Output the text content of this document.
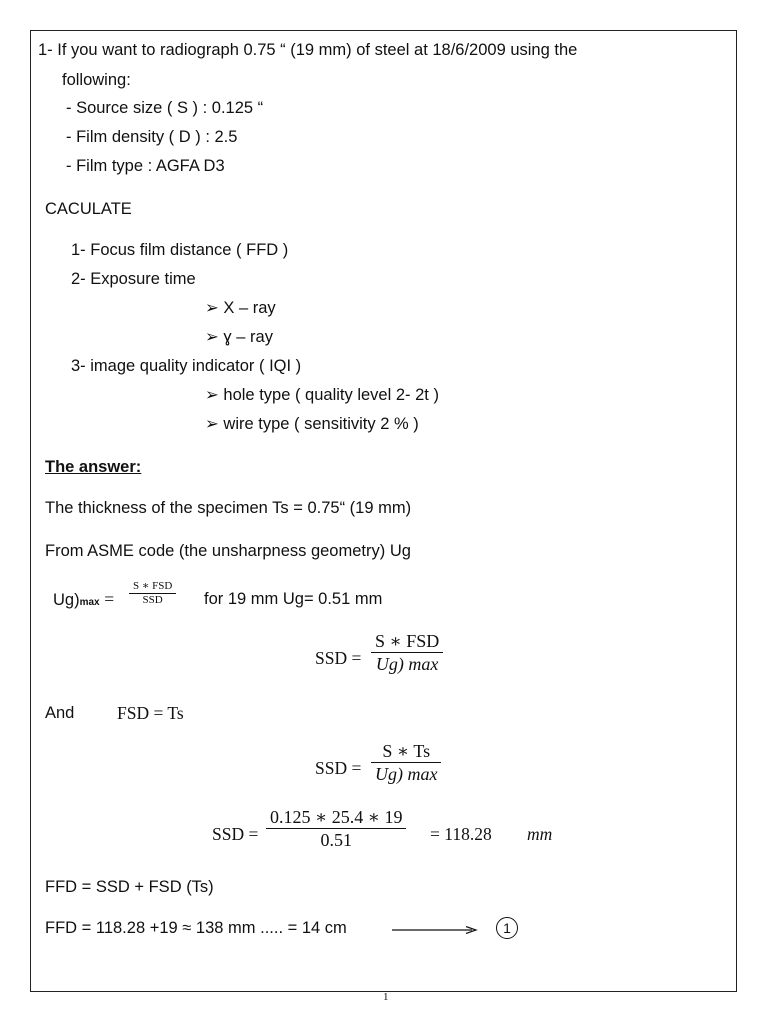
1- If you want to radiograph 0.75 “ (19 mm) of steel at 18/6/2009 using the
following:
- Source size ( S ) : 0.125 “
- Film density ( D ) : 2.5
- Film type : AGFA D3
CACULATE
1- Focus film distance ( FFD )
2- Exposure time
➢ X – ray
➢ ɣ – ray
3- image quality indicator ( IQI )
➢ hole type ( quality level 2- 2t )
➢ wire type ( sensitivity 2 % )
The answer:
The thickness of the specimen Ts = 0.75“ (19 mm)
From ASME code (the unsharpness geometry) Ug
Ug)max =
S ∗ FSD
SSD	for 19 mm Ug= 0.51 mm
SSD =
S ∗ FSD
Ug) max
And FSD = Ts
SSD =
S ∗ Ts
Ug) max
SSD =
0.125 ∗ 25.4 ∗ 19
0.51	= 118.28 mm
FFD = SSD + FSD (Ts)
FFD = 118.28 +19 ≈ 138 mm ..... = 14 cm	1
1
